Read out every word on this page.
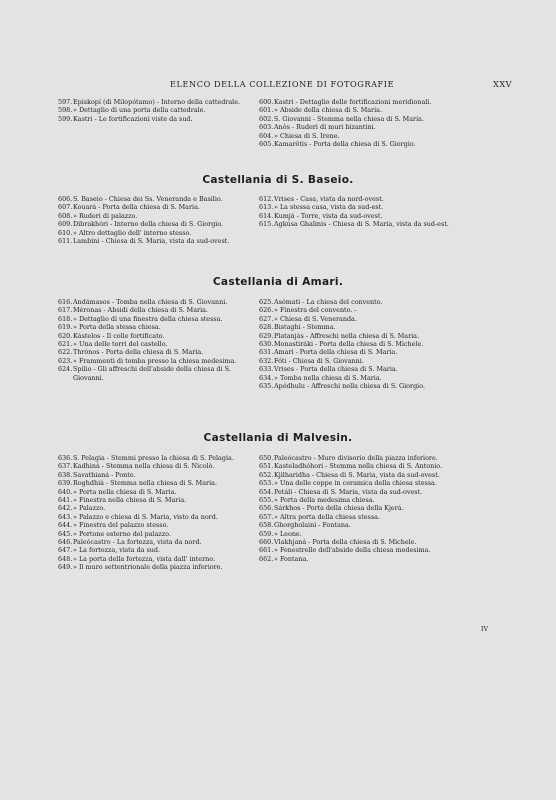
ELENCO DELLA COLLEZIONE DI FOTOGRAFIE	XXV
597. Episkopí (di Milopótamo) - Interno della cattedrale.
598. » Dettaglio di una porta della cattedrale.
599. Kastri - Le fortificazioni viste da sud.
600. Kastri - Dettaglio delle fortificazioni meridionali.
601. » Abside della chiesa di S. Maria.
602. S. Giovanni - Stemma nella chiesa di S. Maria.
603. Anôs - Ruderi di muri bizantini.
604. » Chiesa di S. Irene.
605. Kamarôtis - Porta della chiesa di S. Giorgio.
Castellania di S. Baseio.
606. S. Baseio - Chiesa dei Ss. Veneranda e Basilio.
607. Kouará - Porta della chiesa di S. Maria.
608. » Ruderi di palazzo.
609. Dibrakhóri - Interno della chiesa di S. Giorgio.
610. » Altro dettaglio dell' interno stesso.
611. Lambini - Chiesa di S. Maria, vista da sud-ovest.
612. Vrises - Casa, vista da nord-ovest.
613. » La stessa casa, vista da sud-est.
614. Kumjá - Torre, vista da sud-ovest.
615. Agkúsa Ghalinis - Chiesa di S. Maria, vista da sud-est.
Castellania di Amari.
616. Andámasos - Tomba nella chiesa di S. Giovanni.
617. Méronas - Absidi della chiesa di S. Maria.
618. » Dettaglio di una finestra della chiesa stessa.
619. » Porta della stessa chiesa.
620. Kástelos - Il colle fortificato.
621. » Una delle torri del castello.
622. Thrónos - Porta della chiesa di S. Maria.
623. » Frammenti di tomba presso la chiesa medesima.
624. Spilio - Gli affreschi dell'abside della chiesa di S. Giovanni.
625. Asómati - La chiesa del convento.
626. » Finestra del convento. -
627. » Chiesa di S. Veneranda.
628. Bistaghi - Stemma.
629. Platanjás - Affreschi nella chiesa di S. Maria.
630. Monastiráki - Porta della chiesa di S. Michele.
631. Amari - Porta della chiesa di S. Maria.
632. Fóti - Chiesa di S. Giovanni.
633. Vrises - Porta della chiesa di S. Maria.
634. » Tomba nella chiesa di S. Maria.
635. Apódhulu - Affreschi nella chiesa di S. Giorgio.
Castellania di Malvesin.
636. S. Pelagia - Stemmi presso la chiesa di S. Pelagia.
637. Kadhiná - Stemma nella chiesa di S. Nicolò.
638. Savathianá - Ponte.
639. Roghdhiá - Stemma nella chiesa di S. Maria.
640. » Porta nella chiesa di S. Maria.
641. » Finestra nella chiesa di S. Maria.
642. » Palazzo.
643. » Palazzo e chiesa di S. Maria, visto da nord.
644. » Finestra del palazzo stesso.
645. » Portone esterno del palazzo.
646. Paleócastro - La fortezza, vista da nord.
647. » La fortezza, vista da sud.
648. » La porta della fortezza, vista dall' interno.
649. » Il muro settentrionale della piazza inferiore.
650. Paleócastro - Muro divisorio della piazza inferiore.
651. Kasteladhóhori - Stemma nella chiesa di S. Antonio.
652. Kjilharidha - Chiesa di S. Maria, vista da sud-ovest.
653. » Una delle coppe in ceramica della chiesa stessa.
654. Petáli - Chiesa di S. Maria, vista da sud-ovest.
655. » Porta della medesima chiesa.
656. Sárkhos - Porta della chiesa della Kjerá.
657. » Altra porta della chiesa stessa.
658. Ghorgholaini - Fontana.
659. » Leone.
660. Vlakhjaná - Porta della chiesa di S. Michele.
661. » Fenestrelle dell'abside della chiesa medesima.
662. » Fontana.
IV
